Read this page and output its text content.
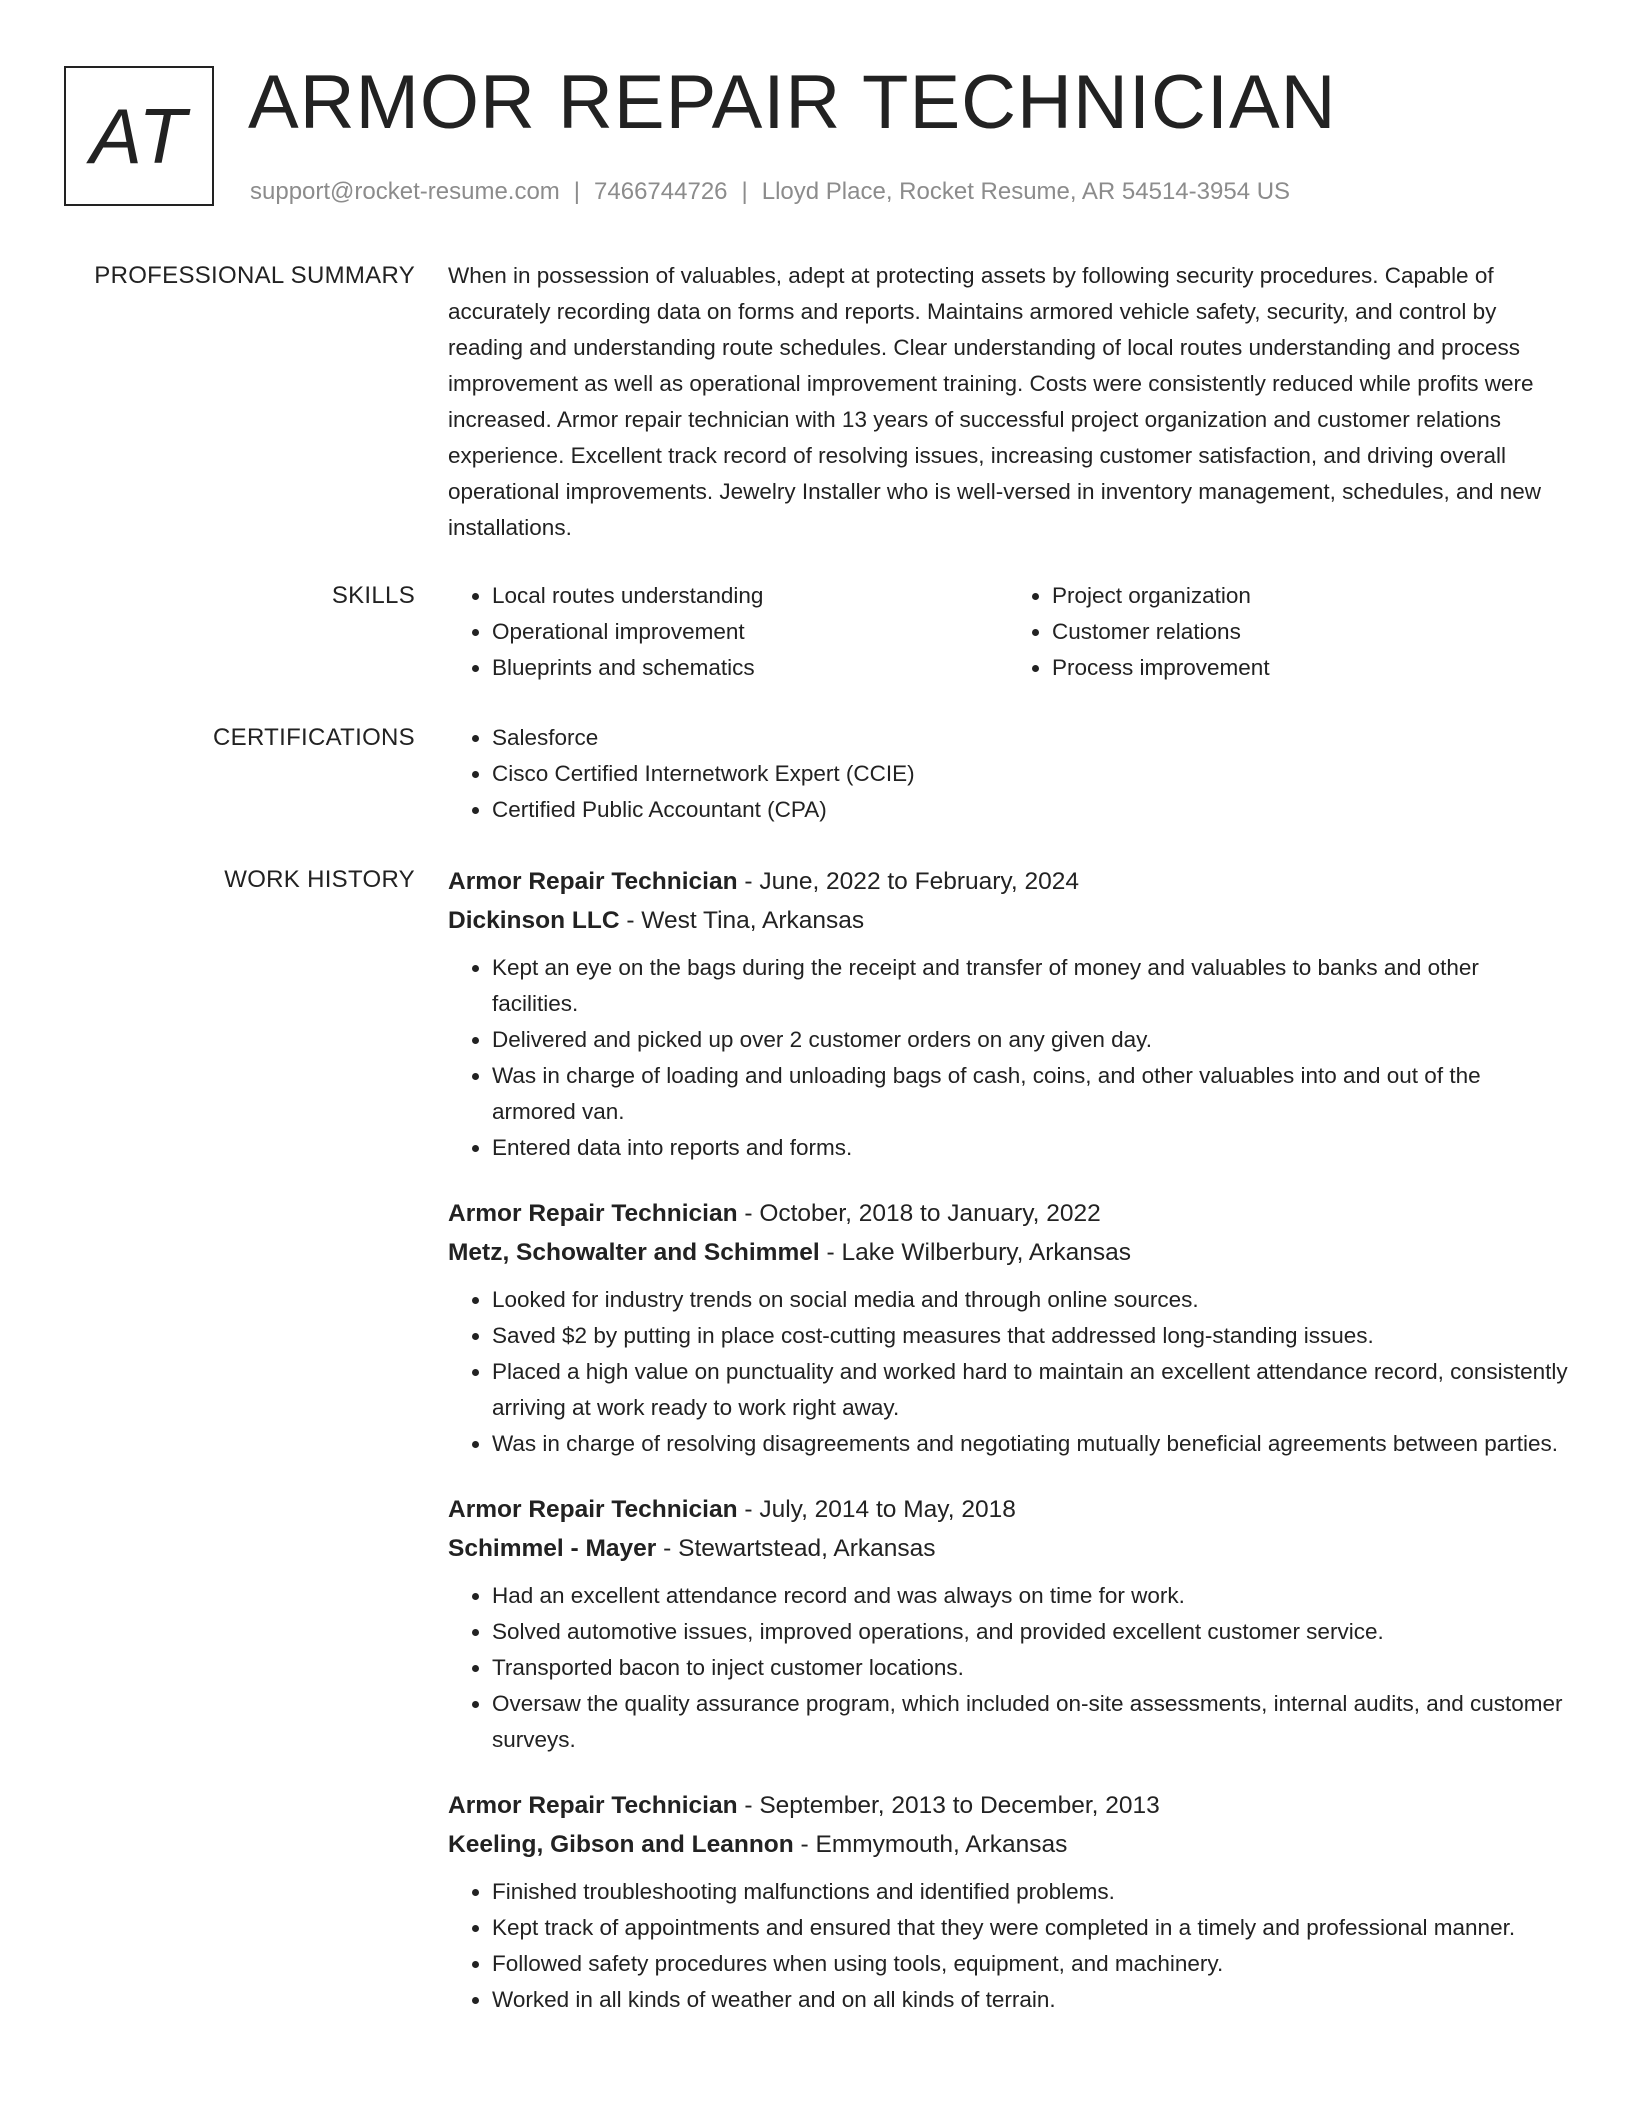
AT ARMOR REPAIR TECHNICIAN
support@rocket-resume.com | 7466744726 | Lloyd Place, Rocket Resume, AR 54514-3954 US
PROFESSIONAL SUMMARY When in possession of valuables, adept at protecting assets by following security procedures. Capable of accurately recording data on forms and reports. Maintains armored vehicle safety, security, and control by reading and understanding route schedules. Clear understanding of local routes understanding and process improvement as well as operational improvement training. Costs were consistently reduced while profits were increased. Armor repair technician with 13 years of successful project organization and customer relations experience. Excellent track record of resolving issues, increasing customer satisfaction, and driving overall operational improvements. Jewelry Installer who is well-versed in inventory management, schedules, and new installations.
SKILLS	• Local routes understanding
• Operational improvement
• Blueprints and schematics
• Project organization
• Customer relations
• Process improvement
CERTIFICATIONS	• Salesforce
• Cisco Certified Internetwork Expert (CCIE)
• Certified Public Accountant (CPA)
WORK HISTORY Armor Repair Technician - June, 2022 to February, 2024
Dickinson LLC - West Tina, Arkansas
• Kept an eye on the bags during the receipt and transfer of money and valuables to banks and other facilities.
• Delivered and picked up over 2 customer orders on any given day.
• Was in charge of loading and unloading bags of cash, coins, and other valuables into and out of the armored van.
• Entered data into reports and forms.
Armor Repair Technician - October, 2018 to January, 2022
Metz, Schowalter and Schimmel - Lake Wilberbury, Arkansas
• Looked for industry trends on social media and through online sources.
• Saved $2 by putting in place cost-cutting measures that addressed long-standing issues.
• Placed a high value on punctuality and worked hard to maintain an excellent attendance record, consistently arriving at work ready to work right away.
• Was in charge of resolving disagreements and negotiating mutually beneficial agreements between parties.
Armor Repair Technician - July, 2014 to May, 2018
Schimmel - Mayer - Stewartstead, Arkansas
• Had an excellent attendance record and was always on time for work.
• Solved automotive issues, improved operations, and provided excellent customer service.
• Transported bacon to inject customer locations.
• Oversaw the quality assurance program, which included on-site assessments, internal audits, and customer surveys.
Armor Repair Technician - September, 2013 to December, 2013
Keeling, Gibson and Leannon - Emmymouth, Arkansas
• Finished troubleshooting malfunctions and identified problems.
• Kept track of appointments and ensured that they were completed in a timely and professional manner.
• Followed safety procedures when using tools, equipment, and machinery.
• Worked in all kinds of weather and on all kinds of terrain.
